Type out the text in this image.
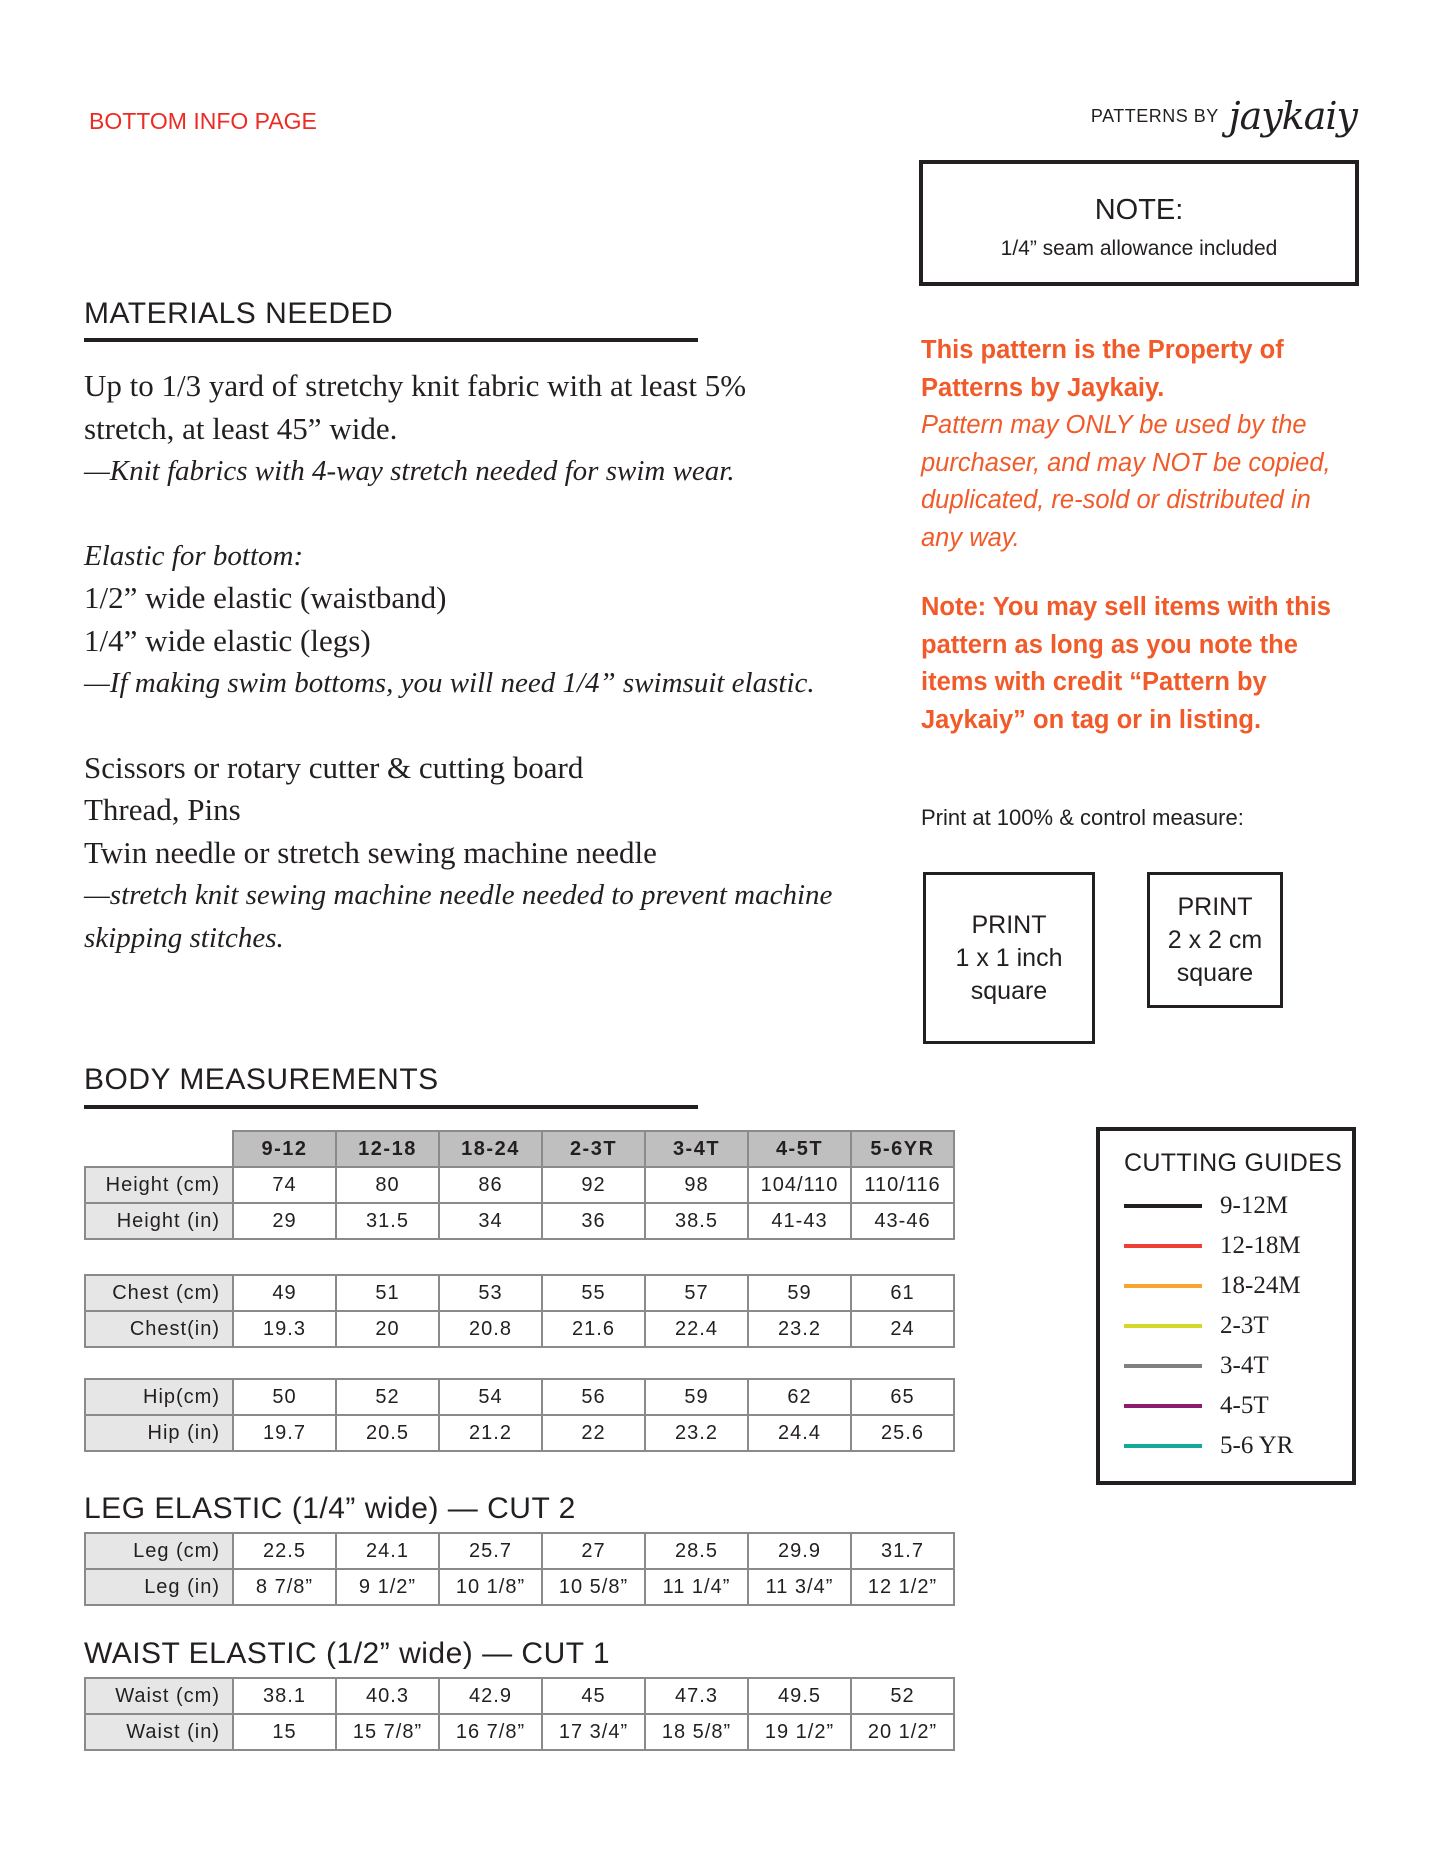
BOTTOM INFO PAGE	PATTERNS BY jaykaiy
NOTE:
1/4” seam allowance included
MATERIALS NEEDED
Up to 1/3 yard of stretchy knit fabric with at least 5%
stretch, at least 45” wide.
—Knit fabrics with 4-way stretch needed for swim wear.
Elastic for bottom:
1/2” wide elastic (waistband)
1/4” wide elastic (legs)
—If making swim bottoms, you will need 1/4” swimsuit elastic.
Scissors or rotary cutter & cutting board
Thread, Pins
Twin needle or stretch sewing machine needle
—stretch knit sewing machine needle needed to prevent machine
skipping stitches.
This pattern is the Property of
Patterns by Jaykaiy.
Pattern may ONLY be used by the
purchaser, and may NOT be copied,
duplicated, re-sold or distributed in
any way.
Note: You may sell items with this
pattern as long as you note the
items with credit “Pattern by
Jaykaiy” on tag or in listing.
Print at 100% & control measure:
PRINT
1 x 1 inch
square
PRINT
2 x 2 cm
square
BODY MEASUREMENTS
	9-12	12-18	18-24	2-3T	3-4T	4-5T	5-6YR
Height (cm)	74	80	86	92	98	104/110	110/116
Height (in)	29	31.5	34	36	38.5	41-43	43-46
Chest (cm)	49	51	53	55	57	59	61
Chest(in)	19.3	20	20.8	21.6	22.4	23.2	24
Hip(cm)	50	52	54	56	59	62	65
Hip (in)	19.7	20.5	21.2	22	23.2	24.4	25.6
LEG ELASTIC (1/4” wide) — CUT 2
Leg (cm)	22.5	24.1	25.7	27	28.5	29.9	31.7
Leg (in)	8 7/8”	9 1/2”	10 1/8”	10 5/8”	11 1/4”	11 3/4”	12 1/2”
WAIST ELASTIC (1/2” wide) — CUT 1
Waist (cm)	38.1	40.3	42.9	45	47.3	49.5	52
Waist (in)	15	15 7/8”	16 7/8”	17 3/4”	18 5/8”	19 1/2”	20 1/2”
CUTTING GUIDES
9-12M
12-18M
18-24M
2-3T
3-4T
4-5T
5-6 YR
